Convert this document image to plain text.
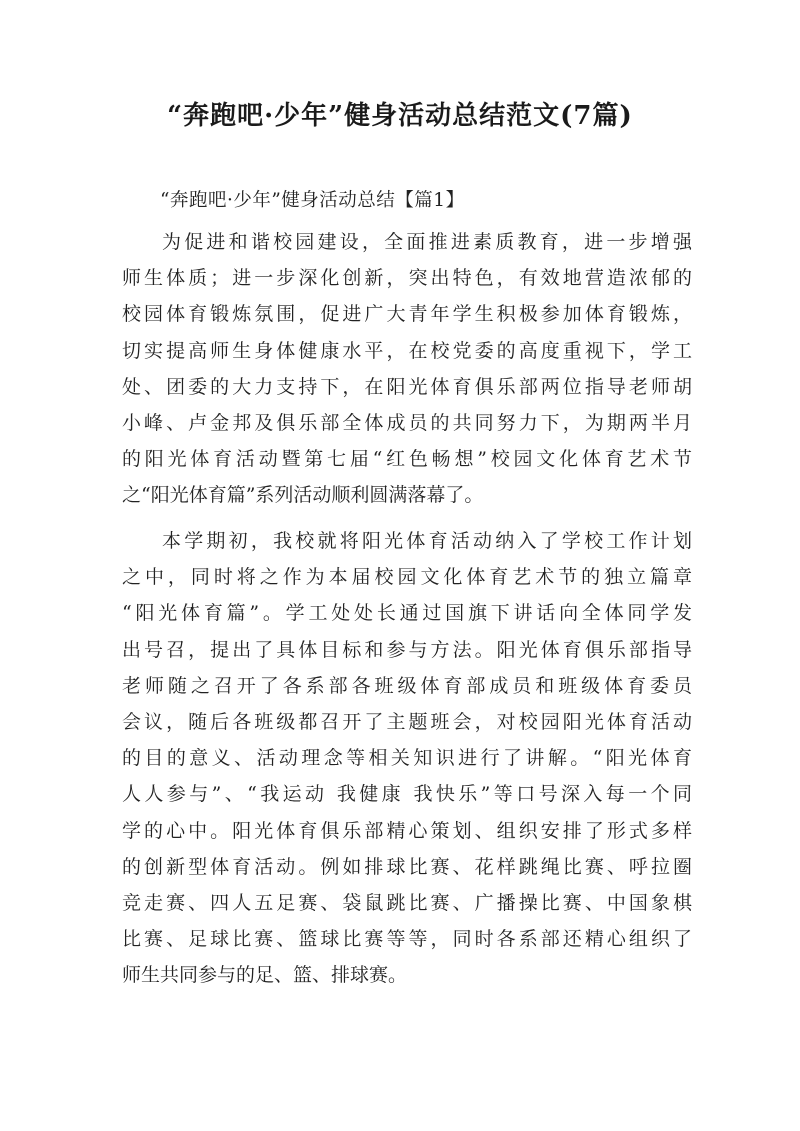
“奔跑吧·少年”健身活动总结范文(7篇)
“奔跑吧·少年”健身活动总结【篇1】
为促进和谐校园建设，全面推进素质教育，进一步增强
师生体质；进一步深化创新，突出特色，有效地营造浓郁的
校园体育锻炼氛围，促进广大青年学生积极参加体育锻炼，
切实提高师生身体健康水平，在校党委的高度重视下，学工
处、团委的大力支持下，在阳光体育俱乐部两位指导老师胡
小峰、卢金邦及俱乐部全体成员的共同努力下，为期两半月
的阳光体育活动暨第七届“红色畅想”校园文化体育艺术节
之“阳光体育篇”系列活动顺利圆满落幕了。
本学期初，我校就将阳光体育活动纳入了学校工作计划
之中，同时将之作为本届校园文化体育艺术节的独立篇章
“阳光体育篇”。学工处处长通过国旗下讲话向全体同学发
出号召，提出了具体目标和参与方法。阳光体育俱乐部指导
老师随之召开了各系部各班级体育部成员和班级体育委员
会议，随后各班级都召开了主题班会，对校园阳光体育活动
的目的意义、活动理念等相关知识进行了讲解。“阳光体育
人人参与”、“我运动 我健康 我快乐”等口号深入每一个同
学的心中。阳光体育俱乐部精心策划、组织安排了形式多样
的创新型体育活动。例如排球比赛、花样跳绳比赛、呼拉圈
竞走赛、四人五足赛、袋鼠跳比赛、广播操比赛、中国象棋
比赛、足球比赛、篮球比赛等等，同时各系部还精心组织了
师生共同参与的足、篮、排球赛。
